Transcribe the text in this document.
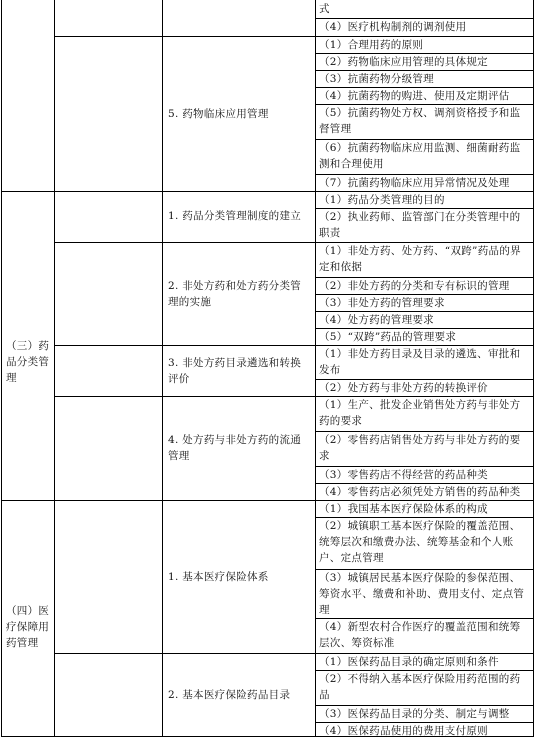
式
（4）医疗机构制剂的调剂使用
5. 药物临床应用管理
（1）合理用药的原则
（2）药物临床应用管理的具体规定
（3）抗菌药物分级管理
（4）抗菌药物的购进、使用及定期评估
（5）抗菌药物处方权、调剂资格授予和监督管理
（6）抗菌药物临床应用监测、细菌耐药监测和合理使用
（7）抗菌药物临床应用异常情况及处理
（三）药品分类管理
1. 药品分类管理制度的建立
（1）药品分类管理的目的
（2）执业药师、监管部门在分类管理中的职责
2. 非处方药和处方药分类管理的实施
（1）非处方药、处方药、“双跨”药品的界定和依据
（2）非处方药的分类和专有标识的管理
（3）非处方药的管理要求
（4）处方药的管理要求
（5）“双跨”药品的管理要求
3. 非处方药目录遴选和转换评价
（1）非处方药目录及目录的遴选、审批和发布
（2）处方药与非处方药的转换评价
4. 处方药与非处方药的流通管理
（1）生产、批发企业销售处方药与非处方药的要求
（2）零售药店销售处方药与非处方药的要求
（3）零售药店不得经营的药品种类
（4）零售药店必须凭处方销售的药品种类
（四）医疗保障用药管理
1. 基本医疗保险体系
（1）我国基本医疗保险体系的构成
（2）城镇职工基本医疗保险的覆盖范围、统筹层次和缴费办法、统筹基金和个人账户、定点管理
（3）城镇居民基本医疗保险的参保范围、筹资水平、缴费和补助、费用支付、定点管理
（4）新型农村合作医疗的覆盖范围和统筹层次、筹资标准
2. 基本医疗保险药品目录
（1）医保药品目录的确定原则和条件
（2）不得纳入基本医疗保险用药范围的药品
（3）医保药品目录的分类、制定与调整
（4）医保药品使用的费用支付原则
